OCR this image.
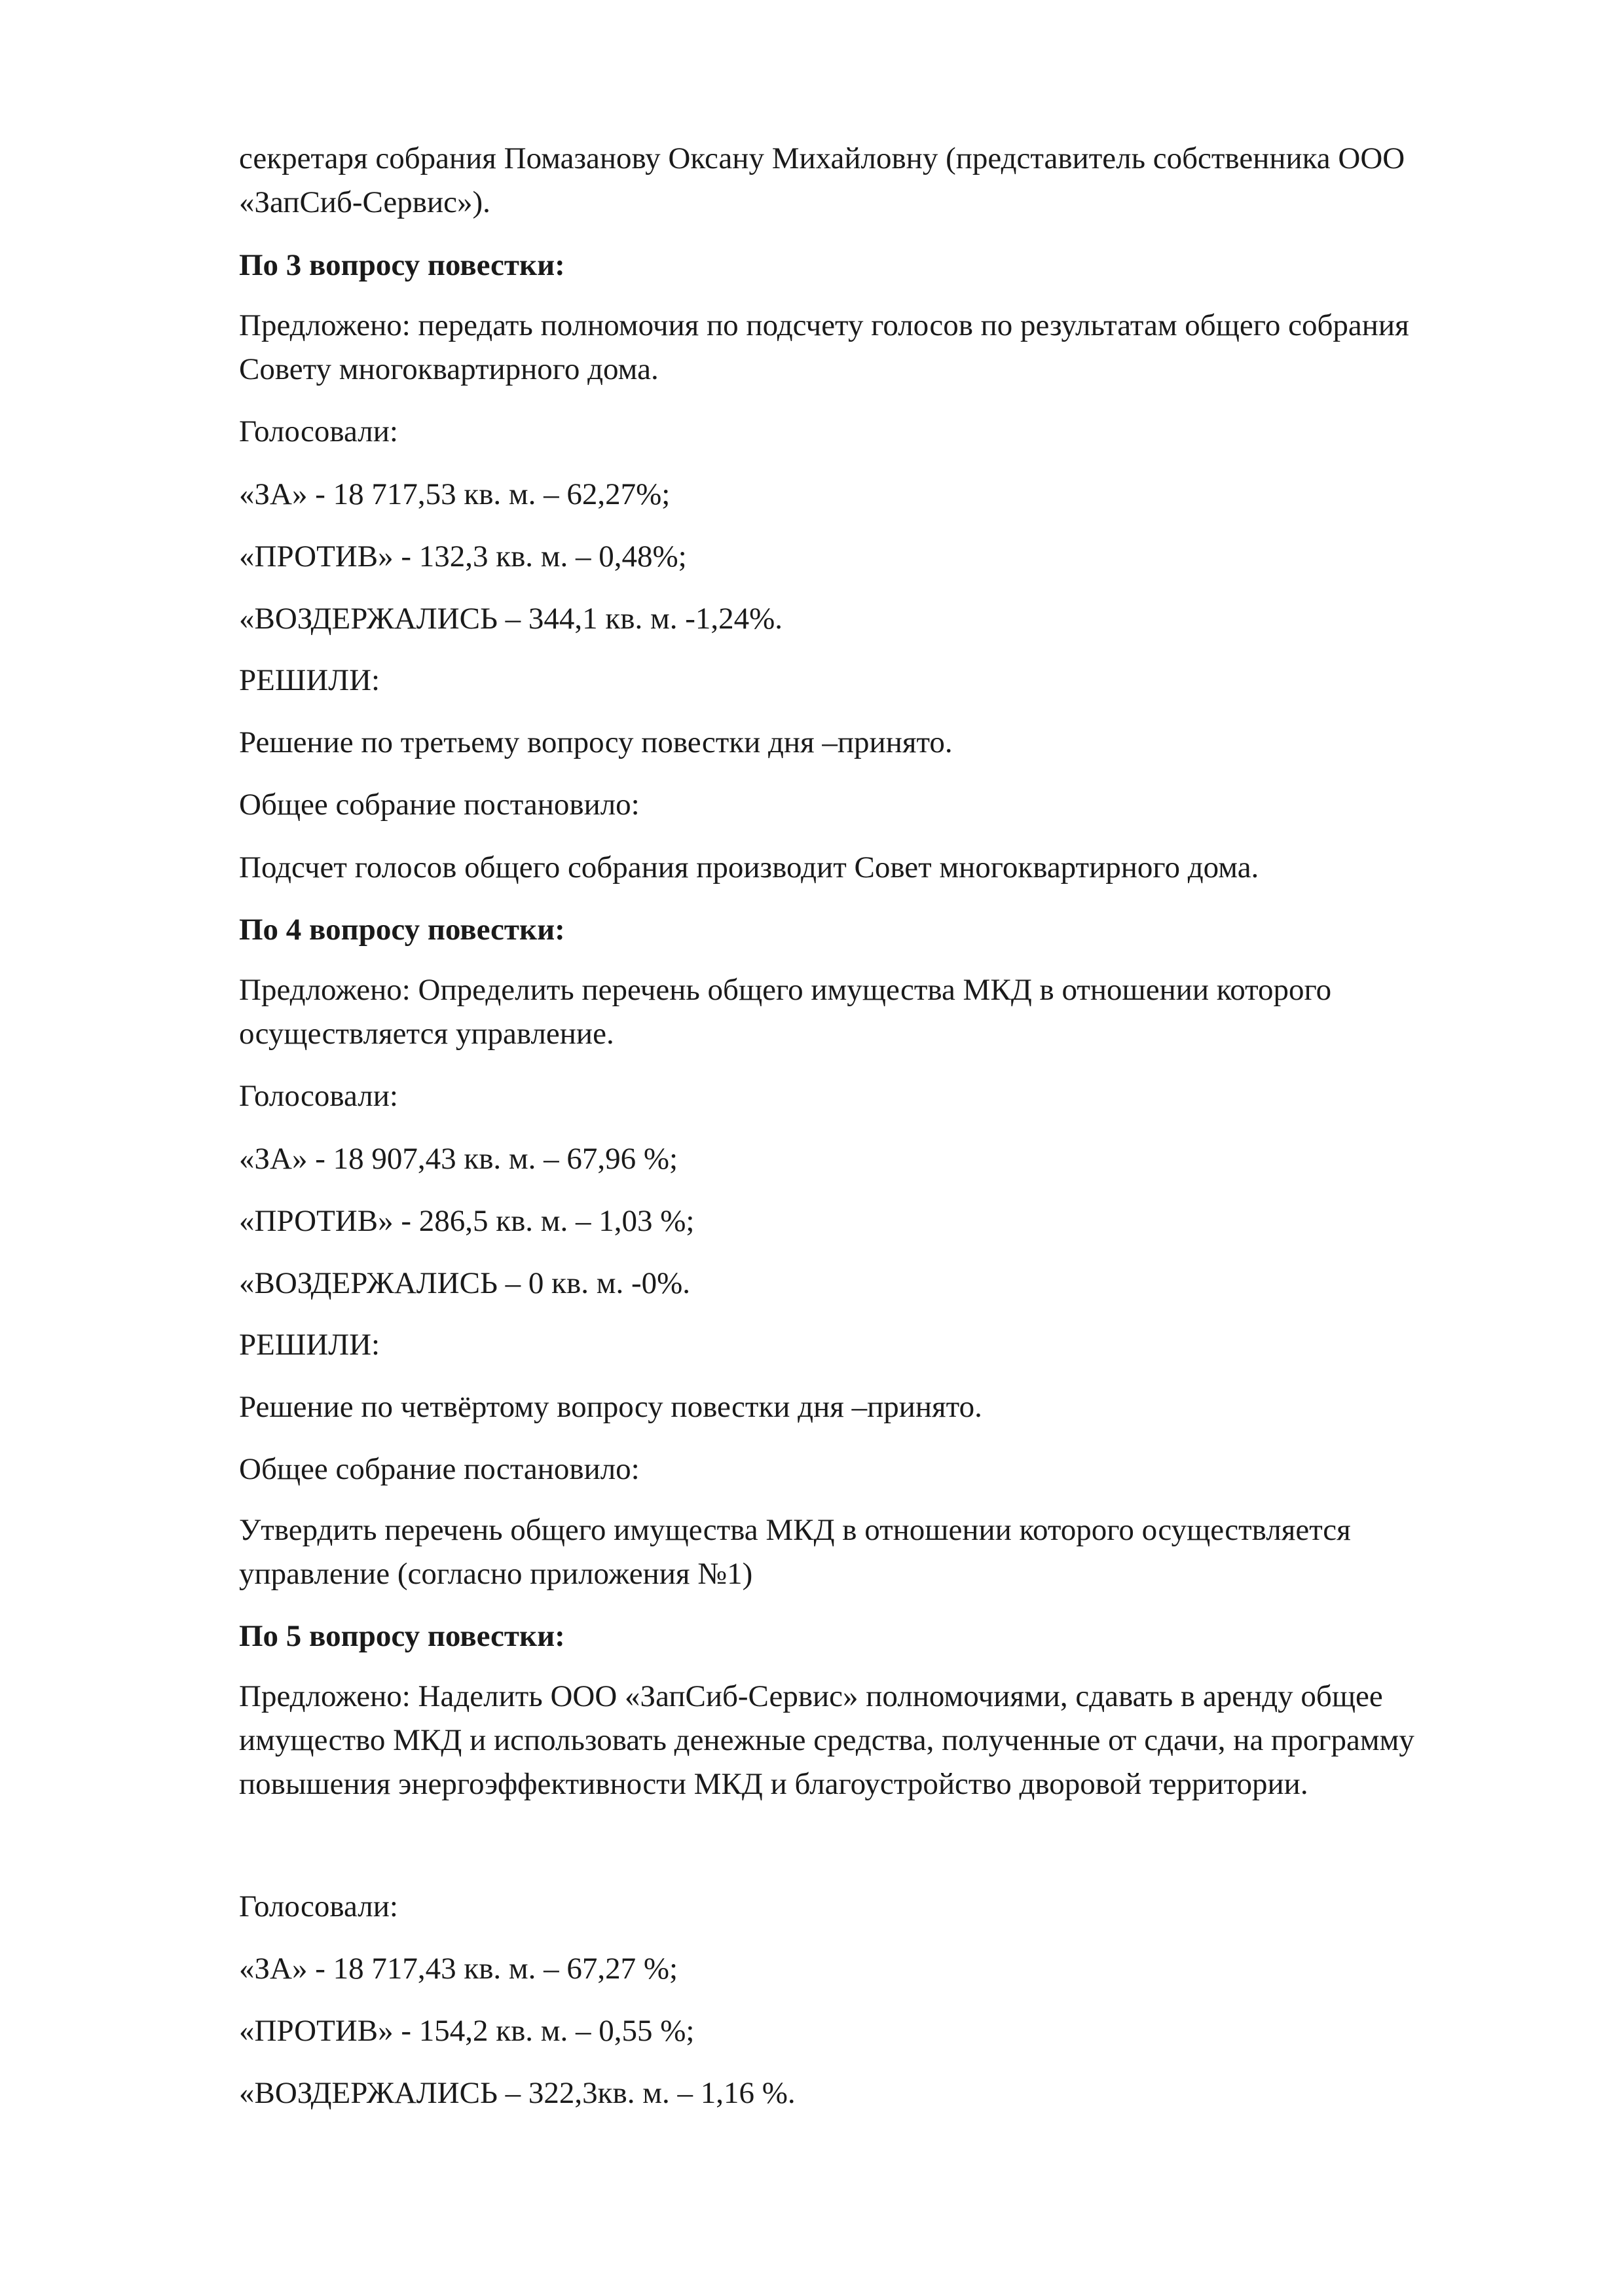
секретаря собрания Помазанову Оксану Михайловну (представитель собственника ООО

«ЗапСиб-Сервис»).

По 3 вопросу повестки:

Предложено: передать полномочия по подсчету голосов по результатам общего собрания

Совету многоквартирного дома.

Голосовали:

«ЗА» - 18 717,53 кв. м. – 62,27%;

«ПРОТИВ» - 132,3 кв. м. – 0,48%;

«ВОЗДЕРЖАЛИСЬ – 344,1 кв. м. -1,24%.

РЕШИЛИ:

Решение по третьему вопросу повестки дня –принято.

Общее собрание постановило:

Подсчет голосов общего собрания производит Совет многоквартирного дома.

По 4 вопросу повестки:

Предложено: Определить перечень общего имущества МКД в отношении которого

осуществляется управление.

Голосовали:

«ЗА» - 18 907,43 кв. м. – 67,96 %;

«ПРОТИВ» - 286,5 кв. м. – 1,03 %;

«ВОЗДЕРЖАЛИСЬ – 0 кв. м. -0%.

РЕШИЛИ:

Решение по четвёртому вопросу повестки дня –принято.

Общее собрание постановило:

Утвердить перечень общего имущества МКД в отношении которого осуществляется

управление (согласно приложения №1)

По 5 вопросу повестки:

Предложено: Наделить ООО «ЗапСиб-Сервис» полномочиями, сдавать в аренду общее

имущество МКД и использовать денежные средства, полученные от сдачи, на программу

повышения энергоэффективности МКД и благоустройство дворовой территории.

Голосовали:

«ЗА» - 18 717,43 кв. м. – 67,27 %;

«ПРОТИВ» - 154,2 кв. м. – 0,55 %;

«ВОЗДЕРЖАЛИСЬ – 322,3кв. м. – 1,16 %.
